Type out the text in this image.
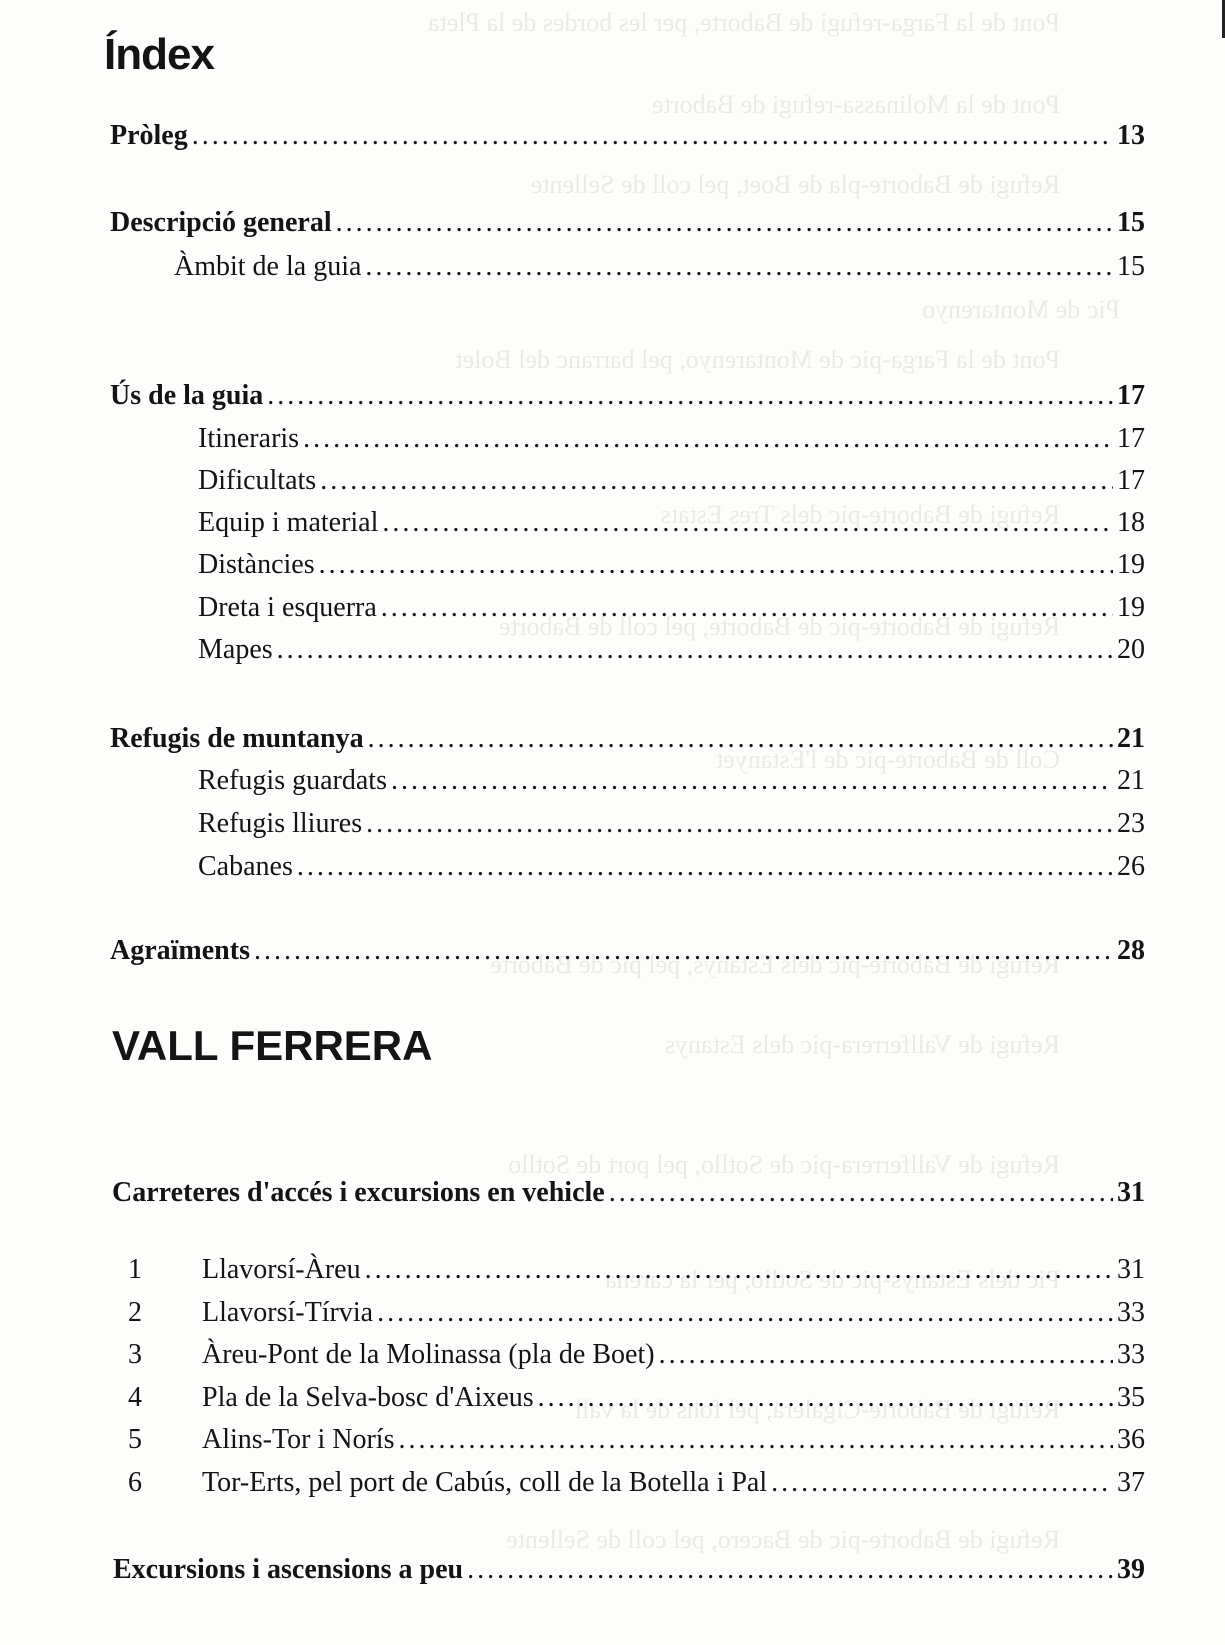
Pont de la Farga-refugi de Baborte, per les bordes de la Pleta
Pont de la Molinassa-refugi de Baborte
Refugi de Baborte-pla de Boet, pel coll de Sellente
Pic de Montarenyo
Pont de la Farga-pic de Montarenyo, pel barranc del Bolet
Refugi de Baborte-pic dels Tres Estats
Refugi de Baborte-pic de Baborte, pel coll de Baborte
Coll de Baborte-pic de l'Estanyet
Refugi de Baborte-pic dels Estanys, pel pic de Baborte
Refugi de Vallferrera-pic dels Estanys
Refugi de Vallferrera-pic de Sotllo, pel port de Sotllo
Pic dels Estanys-pic de Sotllo, per la carena
Refugi de Baborte-Cigalera, pel fons de la vall
Refugi de Baborte-pic de Bacero, pel coll de Sellente
Índex
Pròleg .....	13
Descripció general .....	15
Àmbit de la guia .....	15
Ús de la guia .....	17
Itineraris .....	17
Dificultats .....	17
Equip i material .....	18
Distàncies .....	19
Dreta i esquerra .....	19
Mapes .....	20
Refugis de muntanya .....	21
Refugis guardats .....	21
Refugis lliures .....	23
Cabanes .....	26
Agraïments .....	28
VALL FERRERA
Carreteres d'accés i excursions en vehicle .....	31
1	Llavorsí-Àreu .....	31
2	Llavorsí-Tírvia .....	33
3	Àreu-Pont de la Molinassa (pla de Boet) .....	33
4	Pla de la Selva-bosc d'Aixeus .....	35
5	Alins-Tor i Norís .....	36
6	Tor-Erts, pel port de Cabús, coll de la Botella i Pal .....	37
Excursions i ascensions a peu .....	39
